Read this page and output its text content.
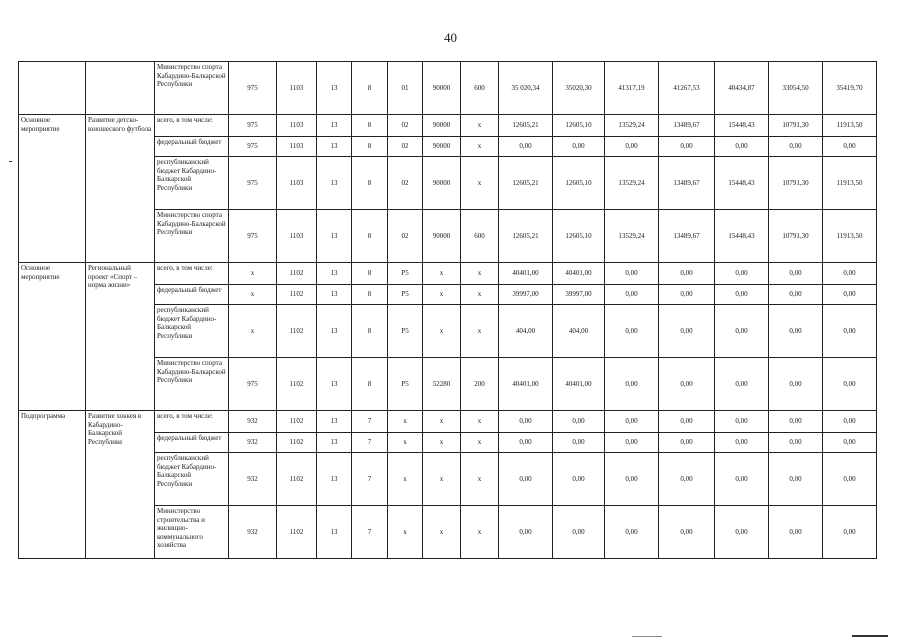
40
		Министерство спорта Кабардино-Балкарской Республики	975	1103	13	8	01	90000	600	35 020,34	35020,30	41317,19	41267,53	40434,87	33054,50	35419,70
Основное мероприятие	Развитие детско-юношеского футбола	всего, в том числе:	975	1103	13	8	02	90000	х	12605,21	12605,10	13529,24	13489,67	15448,43	10791,30	11913,50
		федеральный бюджет	975	1103	13	8	02	90000	х	0,00	0,00	0,00	0,00	0,00	0,00	0,00
		республиканский бюджет Кабардино-Балкарской Республики	975	1103	13	8	02	90000	х	12605,21	12605,10	13529,24	13489,67	15448,43	10791,30	11913,50
		Министерство спорта Кабардино-Балкарской Республики	975	1103	13	8	02	90000	600	12605,21	12605,10	13529,24	13489,67	15448,43	10791,30	11913,50
Основное мероприятие	Региональный проект «Спорт – норма жизни»	всего, в том числе:	х	1102	13	8	P5	х	х	40401,00	40401,00	0,00	0,00	0,00	0,00	0,00
		федеральный бюджет	х	1102	13	8	P5	х	х	39997,00	39997,00	0,00	0,00	0,00	0,00	0,00
		республиканский бюджет Кабардино-Балкарской Республики	х	1102	13	8	P5	х	х	404,00	404,00	0,00	0,00	0,00	0,00	0,00
		Министерство спорта Кабардино-Балкарской Республики	975	1102	13	8	P5	52280	200	40401,00	40401,00	0,00	0,00	0,00	0,00	0,00
Подпрограмма	Развитие хоккея в Кабардино-Балкарской Республике	всего, в том числе:	932	1102	13	7	х	х	х	0,00	0,00	0,00	0,00	0,00	0,00	0,00
		федеральный бюджет	932	1102	13	7	х	х	х	0,00	0,00	0,00	0,00	0,00	0,00	0,00
		республиканский бюджет Кабардино-Балкарской Республики	932	1102	13	7	х	х	х	0,00	0,00	0,00	0,00	0,00	0,00	0,00
		Министерство строительства и жилищно-коммунального хозяйства	932	1102	13	7	х	х	х	0,00	0,00	0,00	0,00	0,00	0,00	0,00
